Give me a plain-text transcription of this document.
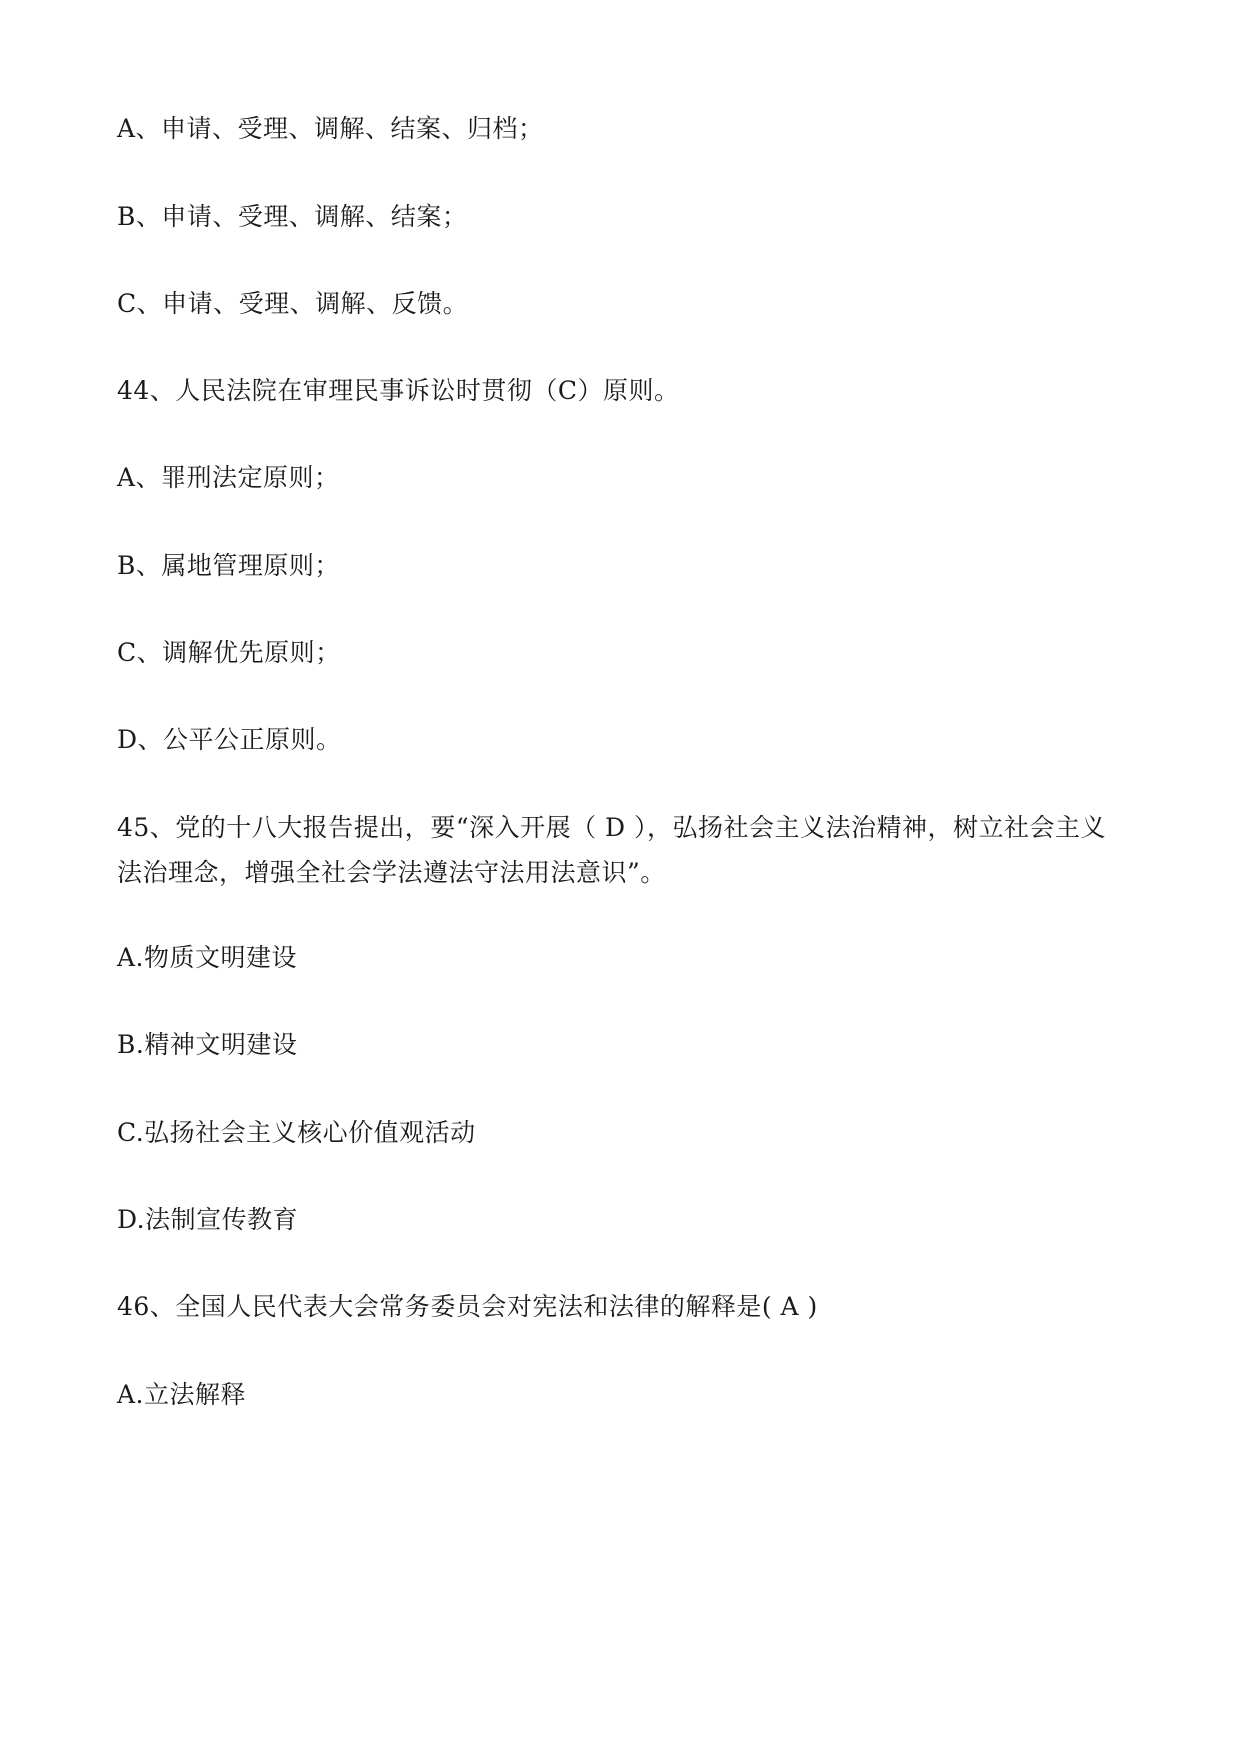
A、申请、受理、调解、结案、归档；
B、申请、受理、调解、结案；
C、申请、受理、调解、反馈。
44、人民法院在审理民事诉讼时贯彻（C）原则。
A、罪刑法定原则；
B、属地管理原则；
C、调解优先原则；
D、公平公正原则。
45、党的十八大报告提出，要“深入开展（ D ），弘扬社会主义法治精神，树立社会主义
法治理念，增强全社会学法遵法守法用法意识”。
A.物质文明建设
B.精神文明建设
C.弘扬社会主义核心价值观活动
D.法制宣传教育
46、全国人民代表大会常务委员会对宪法和法律的解释是( A )
A.立法解释
